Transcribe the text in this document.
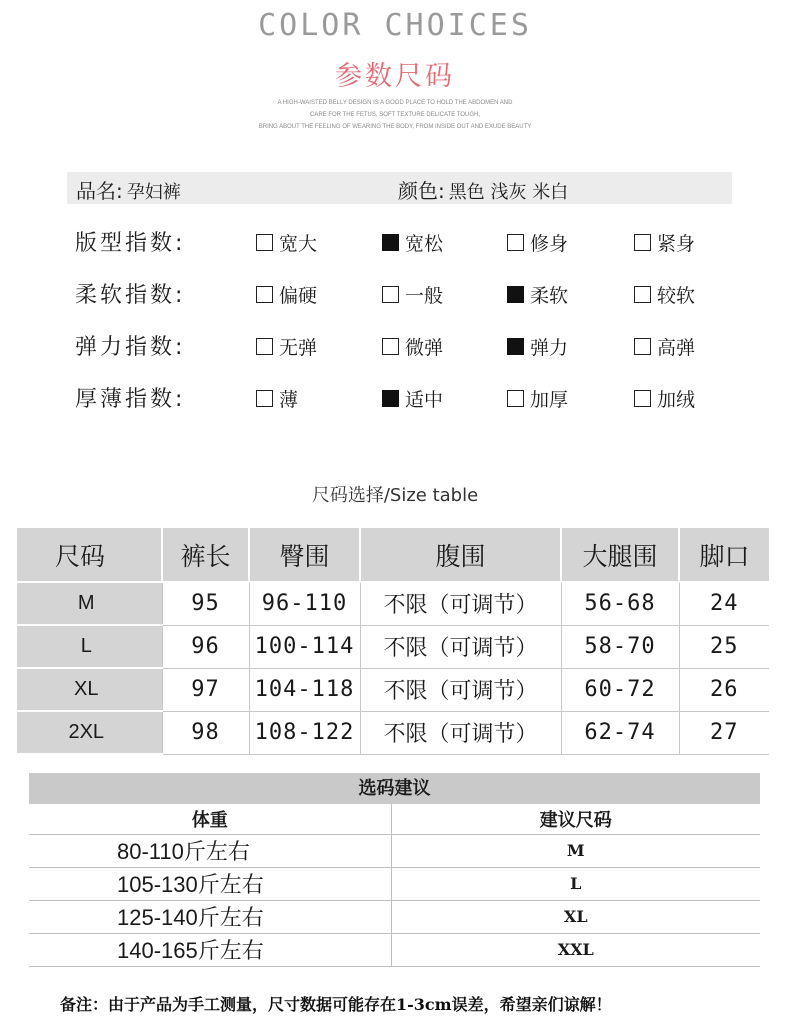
COLOR CHOICES
参数尺码
A HIGH-WAISTED BELLY DESIGN IS A GOOD PLACE TO HOLD THE ABDOMEN AND
CARE FOR THE FETUS, SOFT TEXTURE DELICATE TOUGH,
BRING ABOUT THE FEELING OF WEARING THE BODY, FROM INSIDE OUT AND EXUDE BEAUTY
品名: 孕妇裤	颜色: 黑色 浅灰 米白
版型指数:	宽大	宽松	修身	紧身
柔软指数:	偏硬	一般	柔软	较软
弹力指数:	无弹	微弹	弹力	高弹
厚薄指数:	薄	适中	加厚	加绒
尺码选择/Size table
尺码	裤长	臀围	腹围	大腿围	脚口
M	95	96-110	不限（可调节）	56-68	24
L	96	100-114	不限（可调节）	58-70	25
XL	97	104-118	不限（可调节）	60-72	26
2XL	98	108-122	不限（可调节）	62-74	27
选码建议
体重	建议尺码
80-110斤左右	M
105-130斤左右	L
125-140斤左右	XL
140-165斤左右	XXL
备注：由于产品为手工测量，尺寸数据可能存在1-3cm误差，希望亲们谅解！
